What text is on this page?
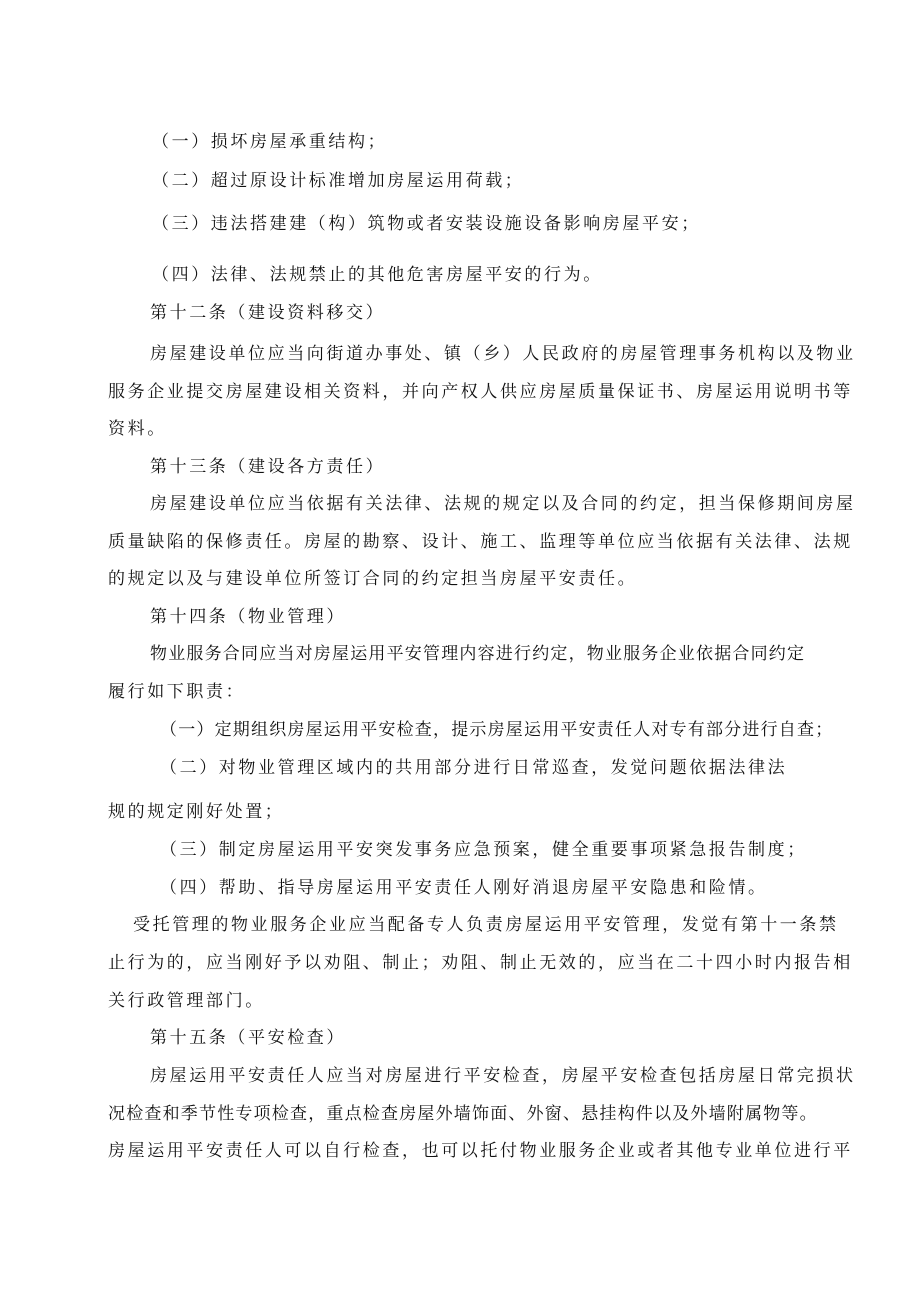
（一）损坏房屋承重结构；
（二）超过原设计标准增加房屋运用荷载；
（三）违法搭建建（构）筑物或者安装设施设备影响房屋平安；
（四）法律、法规禁止的其他危害房屋平安的行为。
第十二条（建设资料移交）
房屋建设单位应当向街道办事处、镇（乡）人民政府的房屋管理事务机构以及物业
服务企业提交房屋建设相关资料，并向产权人供应房屋质量保证书、房屋运用说明书等
资料。
第十三条（建设各方责任）
房屋建设单位应当依据有关法律、法规的规定以及合同的约定，担当保修期间房屋
质量缺陷的保修责任。房屋的勘察、设计、施工、监理等单位应当依据有关法律、法规
的规定以及与建设单位所签订合同的约定担当房屋平安责任。
第十四条（物业管理）
物业服务合同应当对房屋运用平安管理内容进行约定，物业服务企业依据合同约定
履行如下职责：
（一）定期组织房屋运用平安检查，提示房屋运用平安责任人对专有部分进行自查；
（二）对物业管理区域内的共用部分进行日常巡查，发觉问题依据法律法
规的规定刚好处置；
（三）制定房屋运用平安突发事务应急预案，健全重要事项紧急报告制度；
（四）帮助、指导房屋运用平安责任人刚好消退房屋平安隐患和险情。
受托管理的物业服务企业应当配备专人负责房屋运用平安管理，发觉有第十一条禁
止行为的，应当刚好予以劝阻、制止；劝阻、制止无效的，应当在二十四小时内报告相
关行政管理部门。
第十五条（平安检查）
房屋运用平安责任人应当对房屋进行平安检查，房屋平安检查包括房屋日常完损状
况检查和季节性专项检查，重点检查房屋外墙饰面、外窗、悬挂构件以及外墙附属物等。
房屋运用平安责任人可以自行检查，也可以托付物业服务企业或者其他专业单位进行平
